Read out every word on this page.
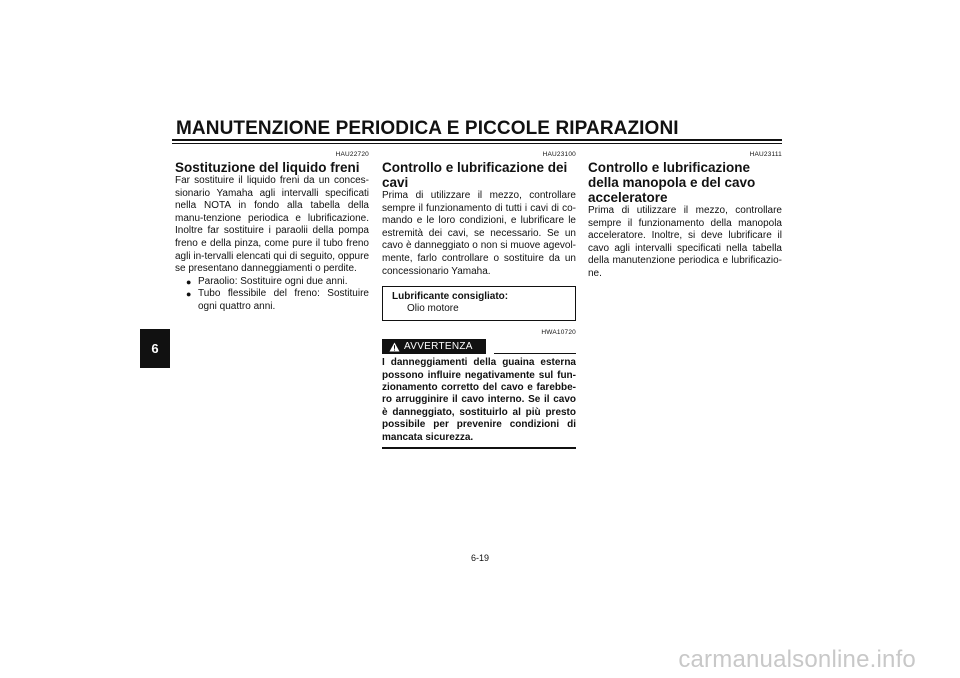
MANUTENZIONE PERIODICA E PICCOLE RIPARAZIONI
6
HAU22720
Sostituzione del liquido freni

Far sostituire il liquido freni da un conces-sionario Yamaha agli intervalli specificati nella NOTA in fondo alla tabella della manu-tenzione periodica e lubrificazione. Inoltre far sostituire i paraolii della pompa freno e della pinza, come pure il tubo freno agli in-tervalli elencati qui di seguito, oppure se presentano danneggiamenti o perdite.

● Paraolio: Sostituire ogni due anni.
● Tubo flessibile del freno: Sostituire ogni quattro anni.
HAU23100
Controllo e lubrificazione dei cavi

Prima di utilizzare il mezzo, controllare sempre il funzionamento di tutti i cavi di co-mando e le loro condizioni, e lubrificare le estremità dei cavi, se necessario. Se un cavo è danneggiato o non si muove agevol-mente, farlo controllare o sostituire da un concessionario Yamaha.

Lubrificante consigliato:
Olio motore
HWA10720
AVVERTENZA
I danneggiamenti della guaina esterna possono influire negativamente sul fun-zionamento corretto del cavo e farebbe-ro arrugginire il cavo interno. Se il cavo è danneggiato, sostituirlo al più presto possibile per prevenire condizioni di mancata sicurezza.
HAU23111
Controllo e lubrificazione della manopola e del cavo acceleratore

Prima di utilizzare il mezzo, controllare sempre il funzionamento della manopola acceleratore. Inoltre, si deve lubrificare il cavo agli intervalli specificati nella tabella della manutenzione periodica e lubrificazio-ne.

6-19
carmanualsonline.info
